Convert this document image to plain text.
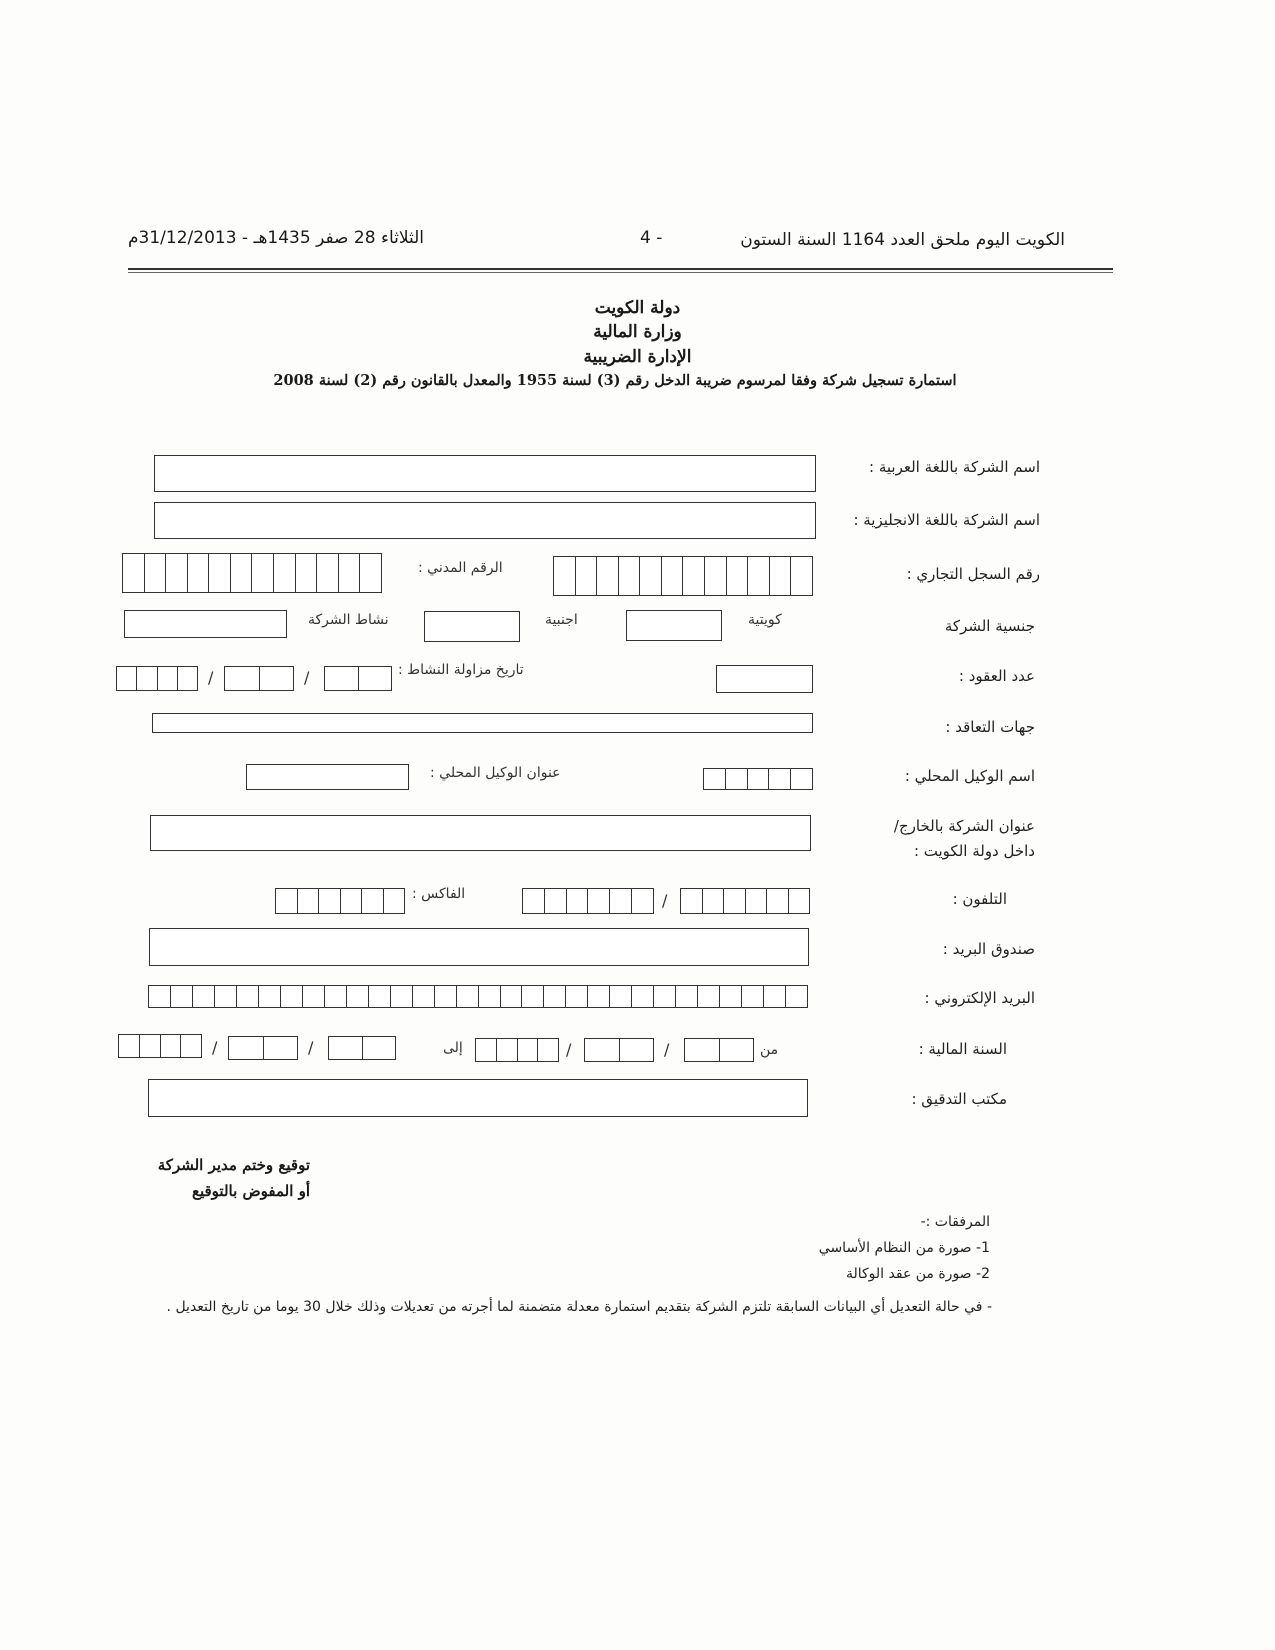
الكويت اليوم ملحق العدد 1164 السنة الستون
4 -
الثلاثاء 28 صفر 1435هـ - 31/12/2013م
دولة الكويت
وزارة المالية
الإدارة الضريبية
استمارة تسجيل شركة وفقا لمرسوم ضريبة الدخل رقم (3) لسنة 1955 والمعدل بالقانون رقم (2) لسنة 2008
اسم الشركة باللغة العربية :
اسم الشركة باللغة الانجليزية :
رقم السجل التجاري :
الرقم المدني :
جنسية الشركة
كويتية
اجنبية
نشاط الشركة
عدد العقود :
تاريخ مزاولة النشاط :
/
/
جهات التعاقد :
اسم الوكيل المحلي :
عنوان الوكيل المحلي :
عنوان الشركة بالخارج/
داخل دولة الكويت :
التلفون :
/
الفاكس :
صندوق البريد :
البريد الإلكتروني :
السنة المالية :
من
/
/
إلى
/
/
مكتب التدقيق :
توقيع وختم مدير الشركة
أو المفوض بالتوقيع
المرفقات :-
1- صورة من النظام الأساسي
2- صورة من عقد الوكالة
- في حالة التعديل أي البيانات السابقة تلتزم الشركة بتقديم استمارة معدلة متضمنة لما أجرته من تعديلات وذلك خلال 30 يوما من تاريخ التعديل .
